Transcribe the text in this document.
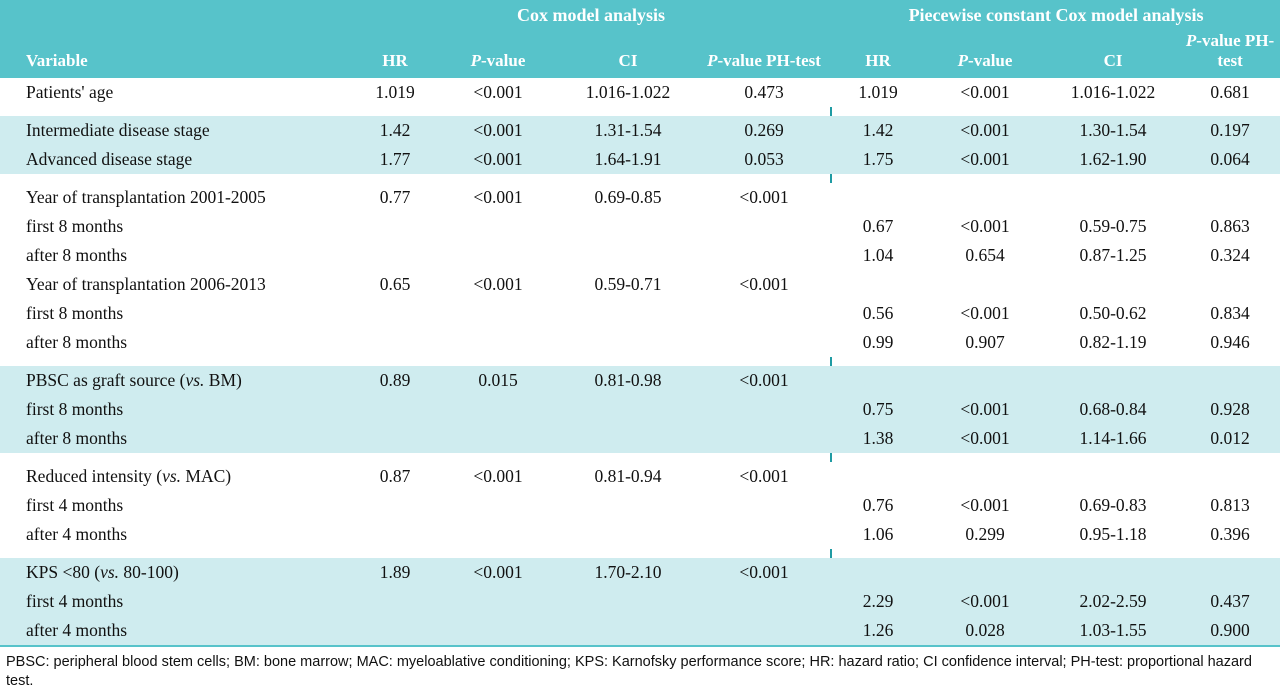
	Cox model analysis					Piecewise constant Cox model analysis			
Variable	HR	P-value	CI	P-value PH-test		HR	P-value	CI	P-value PH-test
Patients' age	1.019	<0.001	1.016-1.022	0.473		1.019	<0.001	1.016-1.022	0.681

Intermediate disease stage	1.42	<0.001	1.31-1.54	0.269		1.42	<0.001	1.30-1.54	0.197
Advanced disease stage	1.77	<0.001	1.64-1.91	0.053		1.75	<0.001	1.62-1.90	0.064

Year of transplantation 2001-2005	0.77	<0.001	0.69-0.85	<0.001					
first 8 months						0.67	<0.001	0.59-0.75	0.863
after 8 months						1.04	0.654	0.87-1.25	0.324
Year of transplantation 2006-2013	0.65	<0.001	0.59-0.71	<0.001					
first 8 months						0.56	<0.001	0.50-0.62	0.834
after 8 months						0.99	0.907	0.82-1.19	0.946

PBSC as graft source (vs. BM)	0.89	0.015	0.81-0.98	<0.001					
first 8 months						0.75	<0.001	0.68-0.84	0.928
after 8 months						1.38	<0.001	1.14-1.66	0.012

Reduced intensity (vs. MAC)	0.87	<0.001	0.81-0.94	<0.001					
first 4 months						0.76	<0.001	0.69-0.83	0.813
after 4 months						1.06	0.299	0.95-1.18	0.396

KPS <80 (vs. 80-100)	1.89	<0.001	1.70-2.10	<0.001					
first 4 months						2.29	<0.001	2.02-2.59	0.437
after 4 months						1.26	0.028	1.03-1.55	0.900
PBSC: peripheral blood stem cells; BM: bone marrow; MAC: myeloablative conditioning; KPS: Karnofsky performance score; HR: hazard ratio; CI confidence interval; PH-test: proportional hazard test.
